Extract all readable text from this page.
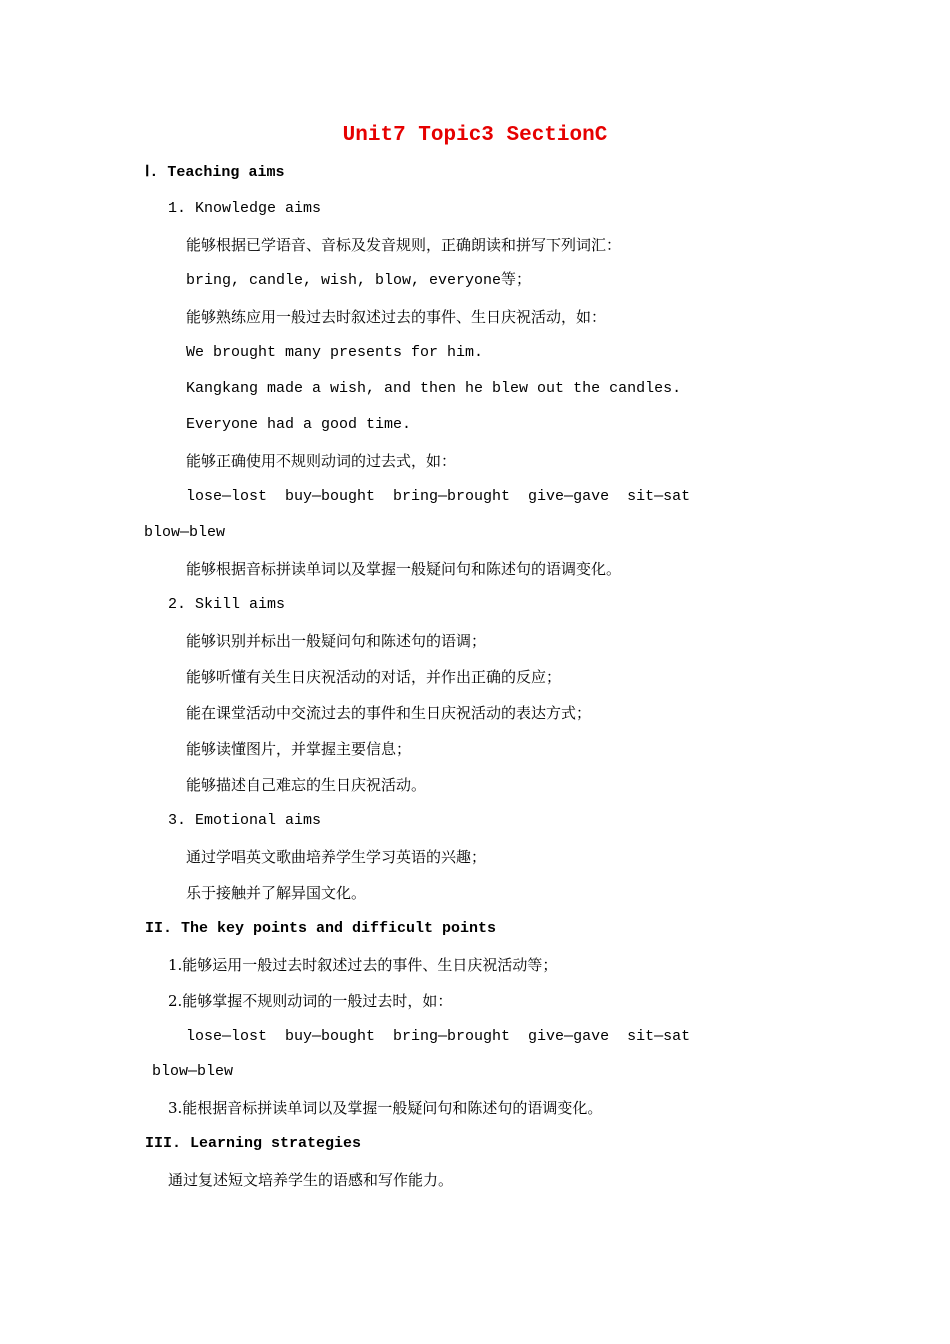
Unit7 Topic3 SectionC
Ⅰ. Teaching aims
1. Knowledge aims
能够根据已学语音、音标及发音规则，正确朗读和拼写下列词汇：
bring, candle, wish, blow, everyone等；
能够熟练应用一般过去时叙述过去的事件、生日庆祝活动，如：
We brought many presents for him.
Kangkang made a wish, and then he blew out the candles.
Everyone had a good time.
能够正确使用不规则动词的过去式，如：
lose—lost  buy—bought  bring—brought  give—gave  sit—sat
blow—blew
能够根据音标拼读单词以及掌握一般疑问句和陈述句的语调变化。
2. Skill aims
能够识别并标出一般疑问句和陈述句的语调；
能够听懂有关生日庆祝活动的对话，并作出正确的反应；
能在课堂活动中交流过去的事件和生日庆祝活动的表达方式；
能够读懂图片，并掌握主要信息；
能够描述自己难忘的生日庆祝活动。
3. Emotional aims
通过学唱英文歌曲培养学生学习英语的兴趣；
乐于接触并了解异国文化。
II. The key points and difficult points
1.能够运用一般过去时叙述过去的事件、生日庆祝活动等；
2.能够掌握不规则动词的一般过去时，如：
lose—lost  buy—bought  bring—brought  give—gave  sit—sat
blow—blew
3.能根据音标拼读单词以及掌握一般疑问句和陈述句的语调变化。
III. Learning strategies
通过复述短文培养学生的语感和写作能力。
